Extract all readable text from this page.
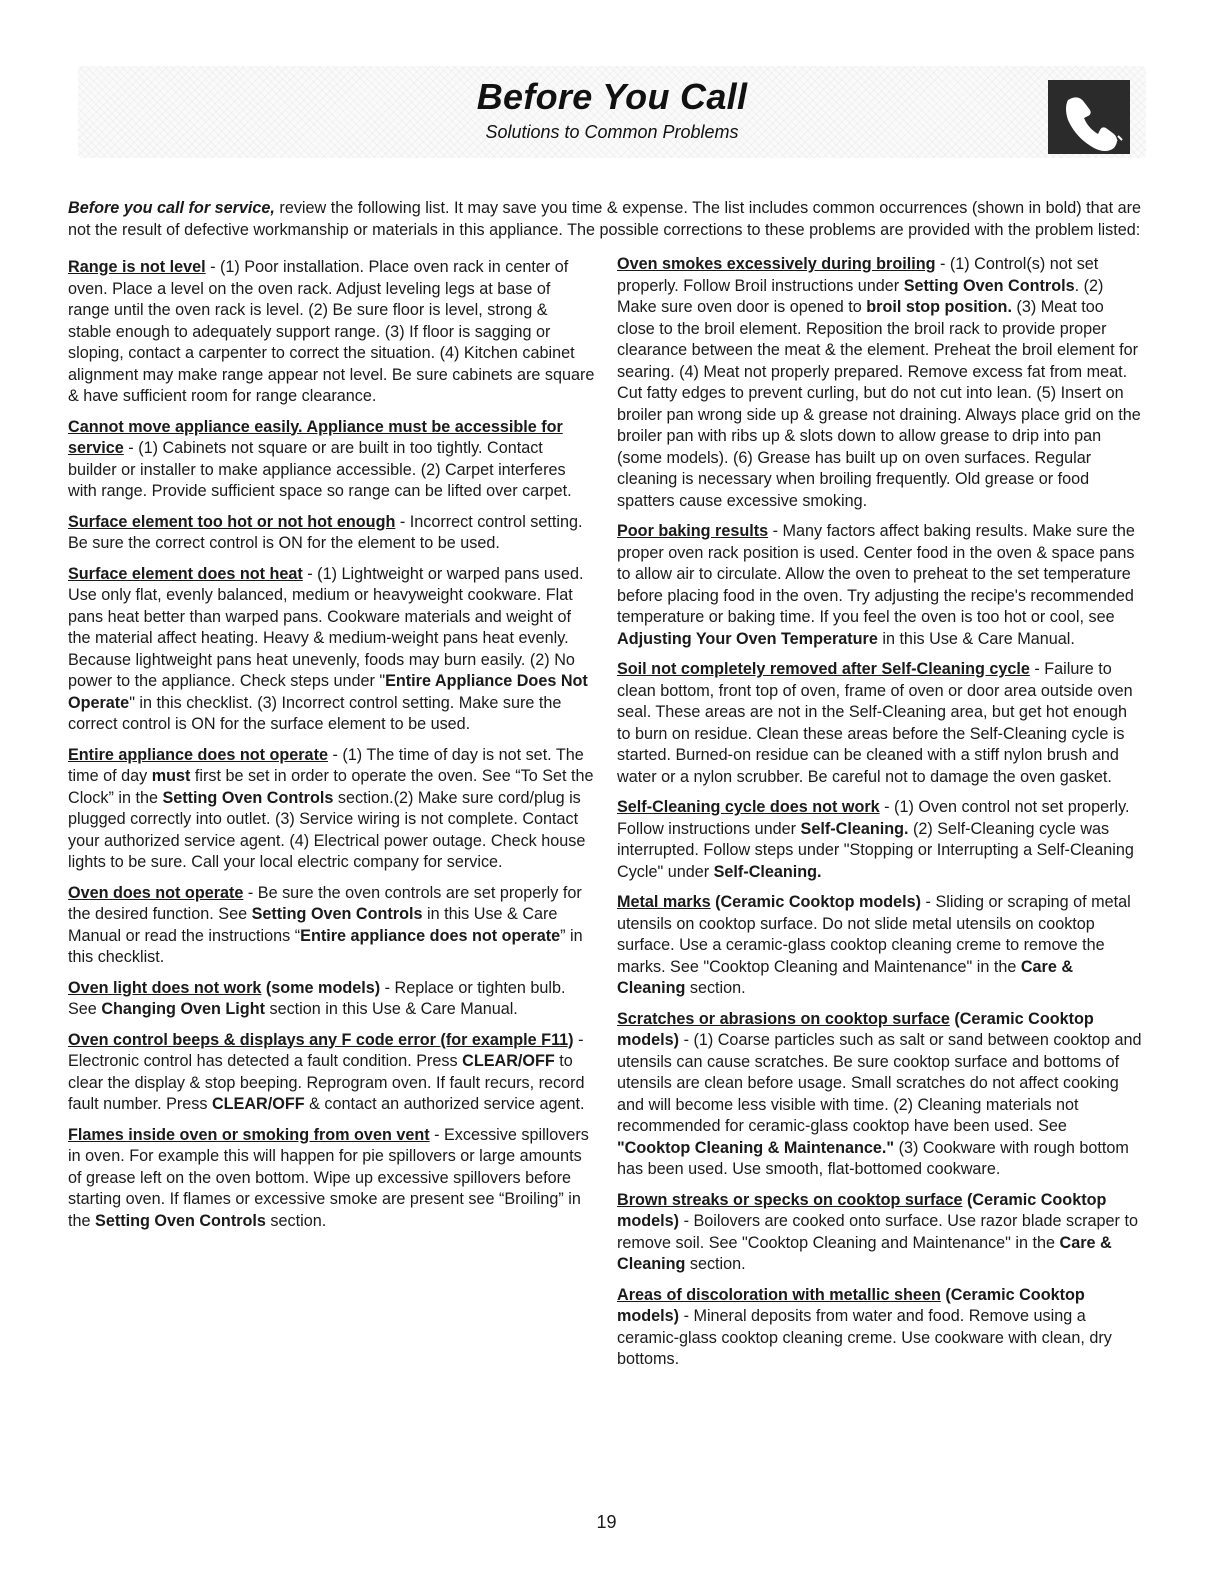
Before You Call
Solutions to Common Problems

Before you call for service, review the following list. It may save you time & expense. The list includes common occurrences (shown in bold) that are not the result of defective workmanship or materials in this appliance. The possible corrections to these problems are provided with the problem listed:

Range is not level - (1) Poor installation. Place oven rack in center of oven. Place a level on the oven rack. Adjust leveling legs at base of range until the oven rack is level. (2) Be sure floor is level, strong & stable enough to adequately support range. (3) If floor is sagging or sloping, contact a carpenter to correct the situation. (4) Kitchen cabinet alignment may make range appear not level. Be sure cabinets are square & have sufficient room for range clearance.

Cannot move appliance easily. Appliance must be accessible for service - (1) Cabinets not square or are built in too tightly. Contact builder or installer to make appliance accessible. (2) Carpet interferes with range. Provide sufficient space so range can be lifted over carpet.

Surface element too hot or not hot enough - Incorrect control setting. Be sure the correct control is ON for the element to be used.

Surface element does not heat - (1) Lightweight or warped pans used. Use only flat, evenly balanced, medium or heavyweight cookware. Flat pans heat better than warped pans. Cookware materials and weight of the material affect heating. Heavy & medium-weight pans heat evenly. Because lightweight pans heat unevenly, foods may burn easily. (2) No power to the appliance. Check steps under "Entire Appliance Does Not Operate" in this checklist. (3) Incorrect control setting. Make sure the correct control is ON for the surface element to be used.

Entire appliance does not operate - (1) The time of day is not set. The time of day must first be set in order to operate the oven. See “To Set the Clock” in the Setting Oven Controls section.(2) Make sure cord/plug is plugged correctly into outlet. (3) Service wiring is not complete. Contact your authorized service agent. (4) Electrical power outage. Check house lights to be sure. Call your local electric company for service.

Oven does not operate - Be sure the oven controls are set properly for the desired function. See Setting Oven Controls in this Use & Care Manual or read the instructions “Entire appliance does not operate” in this checklist.

Oven light does not work (some models) - Replace or tighten bulb. See Changing Oven Light section in this Use & Care Manual.

Oven control beeps & displays any F code error (for example F11) - Electronic control has detected a fault condition. Press CLEAR/OFF to clear the display & stop beeping. Reprogram oven. If fault recurs, record fault number. Press CLEAR/OFF & contact an authorized service agent.

Flames inside oven or smoking from oven vent - Excessive spillovers in oven. For example this will happen for pie spillovers or large amounts of grease left on the oven bottom. Wipe up excessive spillovers before starting oven. If flames or excessive smoke are present see “Broiling” in the Setting Oven Controls section.

Oven smokes excessively during broiling - (1) Control(s) not set properly. Follow Broil instructions under Setting Oven Controls. (2) Make sure oven door is opened to broil stop position. (3) Meat too close to the broil element. Reposition the broil rack to provide proper clearance between the meat & the element. Preheat the broil element for searing. (4) Meat not properly prepared. Remove excess fat from meat. Cut fatty edges to prevent curling, but do not cut into lean. (5) Insert on broiler pan wrong side up & grease not draining. Always place grid on the broiler pan with ribs up & slots down to allow grease to drip into pan (some models). (6) Grease has built up on oven surfaces. Regular cleaning is necessary when broiling frequently. Old grease or food spatters cause excessive smoking.

Poor baking results - Many factors affect baking results. Make sure the proper oven rack position is used. Center food in the oven & space pans to allow air to circulate. Allow the oven to preheat to the set temperature before placing food in the oven. Try adjusting the recipe's recommended temperature or baking time. If you feel the oven is too hot or cool, see Adjusting Your Oven Temperature in this Use & Care Manual.

Soil not completely removed after Self-Cleaning cycle - Failure to clean bottom, front top of oven, frame of oven or door area outside oven seal. These areas are not in the Self-Cleaning area, but get hot enough to burn on residue. Clean these areas before the Self-Cleaning cycle is started. Burned-on residue can be cleaned with a stiff nylon brush and water or a nylon scrubber. Be careful not to damage the oven gasket.

Self-Cleaning cycle does not work - (1) Oven control not set properly. Follow instructions under Self-Cleaning. (2) Self-Cleaning cycle was interrupted. Follow steps under "Stopping or Interrupting a Self-Cleaning Cycle" under Self-Cleaning.

Metal marks (Ceramic Cooktop models) - Sliding or scraping of metal utensils on cooktop surface. Do not slide metal utensils on cooktop surface. Use a ceramic-glass cooktop cleaning creme to remove the marks. See "Cooktop Cleaning and Maintenance" in the Care & Cleaning section.

Scratches or abrasions on cooktop surface (Ceramic Cooktop models) - (1) Coarse particles such as salt or sand between cooktop and utensils can cause scratches. Be sure cooktop surface and bottoms of utensils are clean before usage. Small scratches do not affect cooking and will become less visible with time. (2) Cleaning materials not recommended for ceramic-glass cooktop have been used. See "Cooktop Cleaning & Maintenance." (3) Cookware with rough bottom has been used. Use smooth, flat-bottomed cookware.

Brown streaks or specks on cooktop surface (Ceramic Cooktop models) - Boilovers are cooked onto surface. Use razor blade scraper to remove soil. See "Cooktop Cleaning and Maintenance" in the Care & Cleaning section.

Areas of discoloration with metallic sheen (Ceramic Cooktop models) - Mineral deposits from water and food. Remove using a ceramic-glass cooktop cleaning creme. Use cookware with clean, dry bottoms.

19
